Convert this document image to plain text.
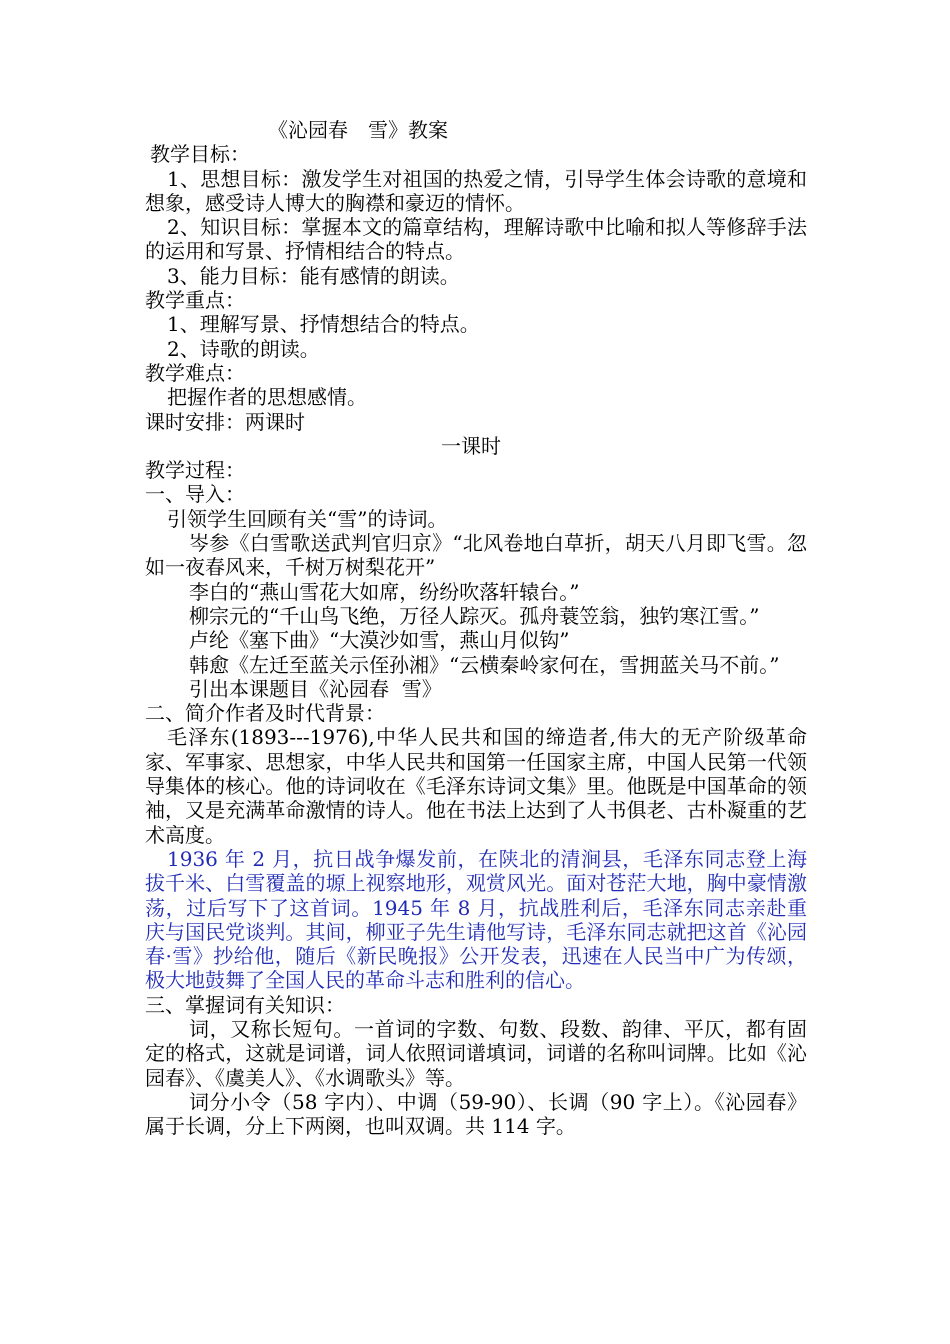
《沁园春　雪》教案
教学目标：
1、思想目标：激发学生对祖国的热爱之情，引导学生体会诗歌的意境和想象，感受诗人博大的胸襟和豪迈的情怀。
2、知识目标：掌握本文的篇章结构，理解诗歌中比喻和拟人等修辞手法的运用和写景、抒情相结合的特点。
3、能力目标：能有感情的朗读。
教学重点：
1、理解写景、抒情想结合的特点。
2、诗歌的朗读。
教学难点：
把握作者的思想感情。
课时安排：两课时
一课时
教学过程：
一、导入：
引领学生回顾有关“雪”的诗词。
岑参《白雪歌送武判官归京》“北风卷地白草折，胡天八月即飞雪。忽如一夜春风来，千树万树梨花开”
李白的“燕山雪花大如席，纷纷吹落轩辕台。”
柳宗元的“千山鸟飞绝，万径人踪灭。孤舟蓑笠翁，独钓寒江雪。”
卢纶《塞下曲》“大漠沙如雪，燕山月似钩”
韩愈《左迁至蓝关示侄孙湘》“云横秦岭家何在，雪拥蓝关马不前。”
引出本课题目《沁园春  雪》
二、简介作者及时代背景：
毛泽东(1893---1976),中华人民共和国的缔造者,伟大的无产阶级革命家、军事家、思想家，中华人民共和国第一任国家主席，中国人民第一代领导集体的核心。他的诗词收在《毛泽东诗词文集》里。他既是中国革命的领袖，又是充满革命激情的诗人。他在书法上达到了人书俱老、古朴凝重的艺术高度。
1936 年 2 月，抗日战争爆发前，在陕北的清涧县，毛泽东同志登上海拔千米、白雪覆盖的塬上视察地形，观赏风光。面对苍茫大地，胸中豪情激荡，过后写下了这首词。1945 年 8 月，抗战胜利后，毛泽东同志亲赴重庆与国民党谈判。其间，柳亚子先生请他写诗，毛泽东同志就把这首《沁园春·雪》抄给他，随后《新民晚报》公开发表，迅速在人民当中广为传颂，极大地鼓舞了全国人民的革命斗志和胜利的信心。
三、掌握词有关知识：
词，又称长短句。一首词的字数、句数、段数、韵律、平仄，都有固定的格式，这就是词谱，词人依照词谱填词，词谱的名称叫词牌。比如《沁园春》、《虞美人》、《水调歌头》等。
词分小令（58 字内）、中调（59-90）、长调（90 字上）。《沁园春》属于长调，分上下两阕，也叫双调。共 114 字。
